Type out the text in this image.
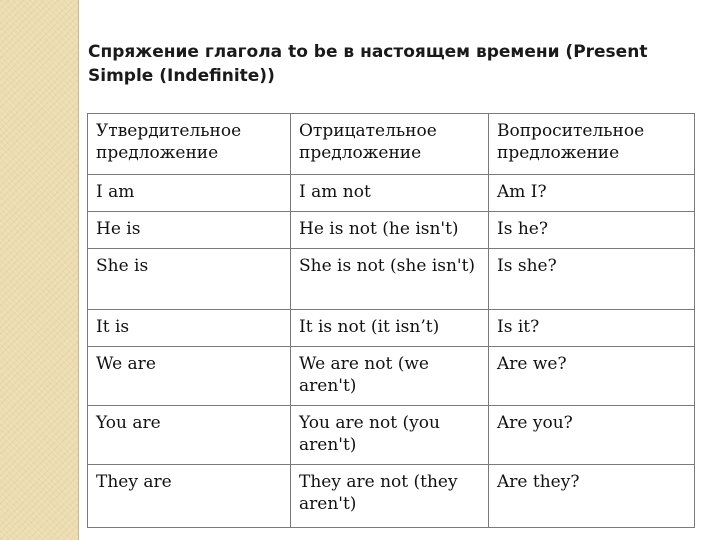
Спряжение глагола to be в настоящем времени (Present Simple (Indefinite))
Утвердительное предложение	Отрицательное предложение	Вопросительное предложение
I am	I am not	Am I?
He is	He is not (he isn't)	Is he?
She is	She is not (she isn't)	Is she?
It is	It is not (it isn’t)	Is it?
We are	We are not (we aren't)	Are we?
You are	You are not (you aren't)	Are you?
They are	They are not (they aren't)	Are they?
